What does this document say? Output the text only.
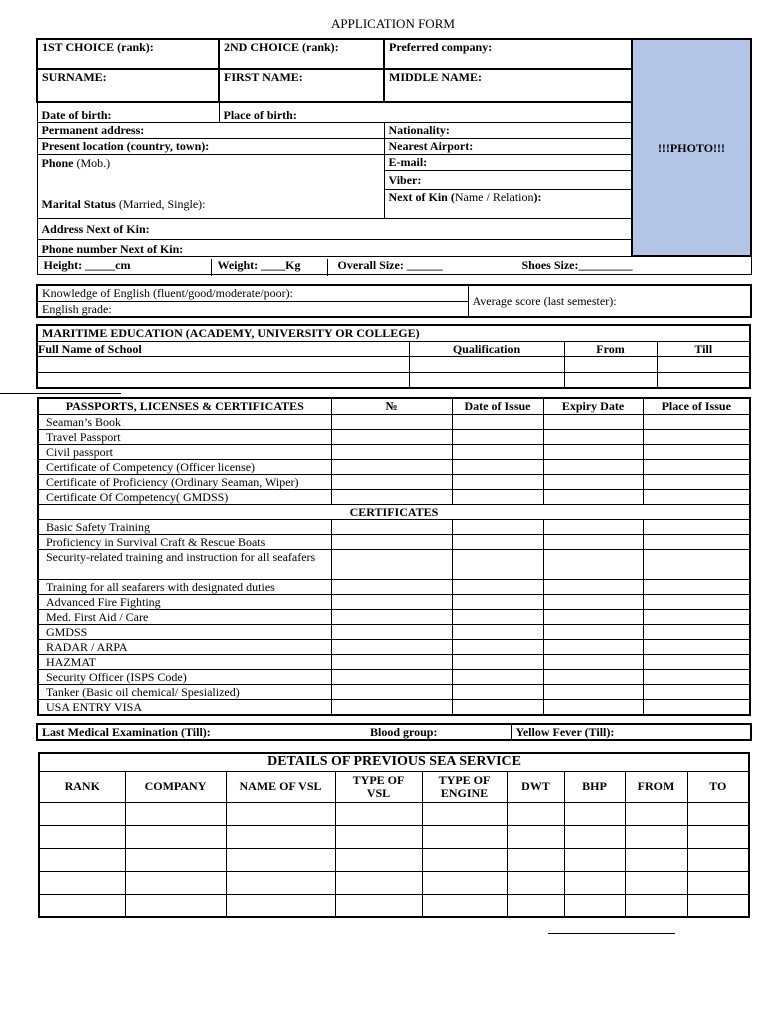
APPLICATION FORM
1ST CHOICE (rank):	2ND CHOICE (rank):	Preferred company:	!!!PHOTO!!!
SURNAME:	FIRST NAME:	MIDDLE NAME:	
Date of birth:	Place of birth:		
Permanent address:		Nationality:	
Present location (country, town):		Nearest Airport:	

Phone (Mob.)
Marital Status (Married, Single):		E-mail:	
		Viber:	
		Next of Kin (Name / Relation):	
Address Next of Kin:			
Phone number Next of Kin:			

Height: _____cm Weight: ____Kg Overall Size: ______ Shoes Size:_________			
Knowledge of English (fluent/good/moderate/poor):	Average score (last semester):
English grade:
MARITIME EDUCATION (ACADEMY, UNIVERSITY OR COLLEGE)			
Full Name of School	Qualification	From	Till

PASSPORTS, LICENSES & CERTIFICATES	№	Date of Issue	Expiry Date	Place of Issue
Seaman’s Book				
Travel Passport				
Civil passport				
Certificate of Competency (Officer license)				
Certificate of Proficiency (Ordinary Seaman, Wiper)				
Certificate Of Competency( GMDSS)				
CERTIFICATES				
Basic Safety Training				
Proficiency in Survival Craft & Rescue Boats				
Security-related training and instruction for all seafafers				
Training for all seafarers with designated duties				
Advanced Fire Fighting				
Med. First Aid / Care				
GMDSS				
RADAR / ARPA				
HAZMAT				
Security Officer (ISPS Code)				
Tanker (Basic oil chemical/ Spesialized)				
USA ENTRY VISA				
Last Medical Examination (Till):	Blood group:	Yellow Fever (Till):
DETAILS OF PREVIOUS SEA SERVICE								
RANK	COMPANY	NAME OF VSL	TYPE OF VSL	TYPE OF ENGINE	DWT	BHP	FROM	TO
